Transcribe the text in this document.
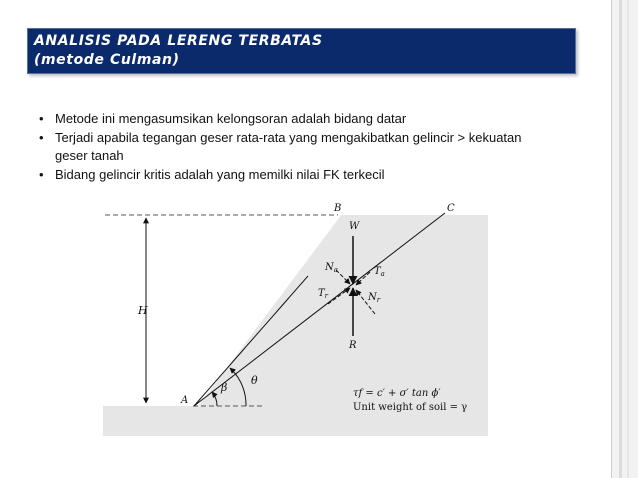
ANALISIS PADA LERENG TERBATAS
(metode Culman)
• Metode ini mengasumsikan kelongsoran adalah bidang datar
• Terjadi apabila tegangan geser rata-rata yang mengakibatkan gelincir > kekuatan geser tanah
• Bidang gelincir kritis adalah yang memilki nilai FK terkecil
H
β
θ
B	C
W
A
R
$N_a$	$T_a$
$T_r$	$N_r$
τf = c′ + σ′ tan ϕ′
Unit weight of soil = γ
